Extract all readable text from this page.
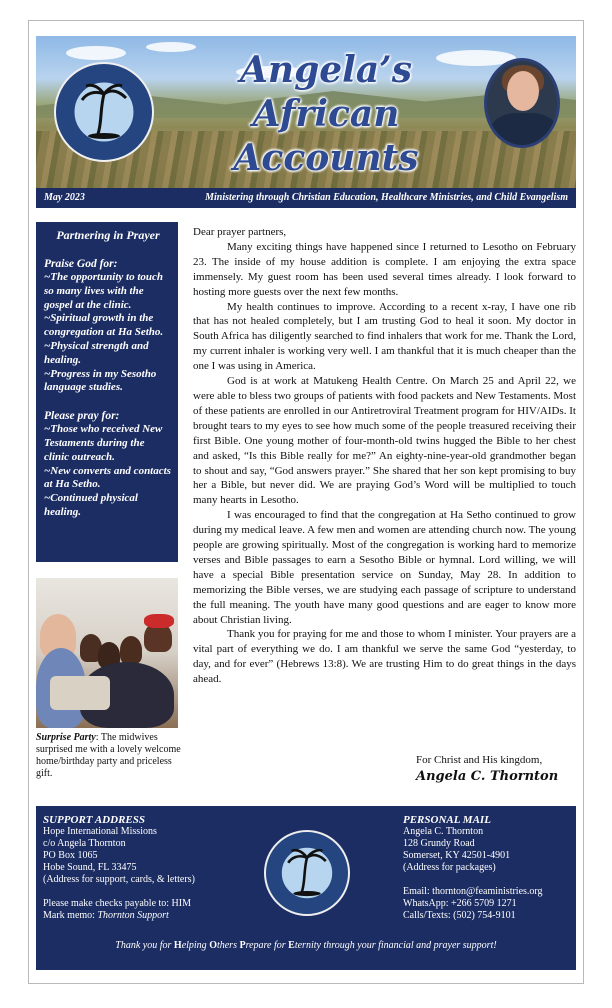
Angela’s
African
Accounts
May 2023	Ministering through Christian Education, Healthcare Ministries, and Child Evangelism
Partnering in Prayer
Praise God for:
~The opportunity to touch so many lives with the gospel at the clinic.
~Spiritual growth in the congregation at Ha Setho.
~Physical strength and healing.
~Progress in my Sesotho language studies.
Please pray for:
~Those who received New Testaments during the clinic outreach.
~New converts and contacts at Ha Setho.
~Continued physical healing.
Surprise Party: The midwives surprised me with a lovely welcome home/birthday party and priceless gift.

Dear prayer partners,

Many exciting things have happened since I returned to Lesotho on February 23. The inside of my house addition is complete. I am enjoying the extra space immensely. My guest room has been used several times already. I look forward to hosting more guests over the next few months.

My health continues to improve. According to a recent x-ray, I have one rib that has not healed completely, but I am trusting God to heal it soon. My doctor in South Africa has diligently searched to find inhalers that work for me. Thank the Lord, my current inhaler is working very well. I am thankful that it is much cheaper than the one I was using in America.

God is at work at Matukeng Health Centre. On March 25 and April 22, we were able to bless two groups of patients with food packets and New Testaments. Most of these patients are enrolled in our Antiretroviral Treatment program for HIV/AIDs. It brought tears to my eyes to see how much some of the people treasured receiving their first Bible. One young mother of four-month-old twins hugged the Bible to her chest and asked, “Is this Bible really for me?” An eighty-nine-year-old grandmother began to shout and say, “God answers prayer.” She shared that her son kept promising to buy her a Bible, but never did. We are praying God’s Word will be multiplied to touch many hearts in Lesotho.

I was encouraged to find that the congregation at Ha Setho continued to grow during my medical leave. A few men and women are attending church now. The young people are growing spiritually. Most of the congregation is working hard to memorize verses and Bible passages to earn a Sesotho Bible or hymnal. Lord willing, we will have a special Bible presentation service on Sunday, May 28. In addition to memorizing the Bible verses, we are studying each passage of scripture to understand the full meaning. The youth have many good questions and are eager to know more about Christian living.

Thank you for praying for me and those to whom I minister. Your prayers are a vital part of everything we do. I am thankful we serve the same God “yesterday, to day, and for ever” (Hebrews 13:8). We are trusting Him to do great things in the days ahead.

For Christ and His kingdom,
Angela C. Thornton
SUPPORT ADDRESS
Hope International Missions
c/o Angela Thornton
PO Box 1065
Hobe Sound, FL 33475
(Address for support, cards, & letters)
Please make checks payable to: HIM
Mark memo: Thornton Support
PERSONAL MAIL
Angela C. Thornton
128 Grundy Road
Somerset, KY 42501-4901
(Address for packages)
Email: thornton@feaministries.org
WhatsApp: +266 5709 1271
Calls/Texts: (502) 754-9101
Thank you for Helping Others Prepare for Eternity through your financial and prayer support!
